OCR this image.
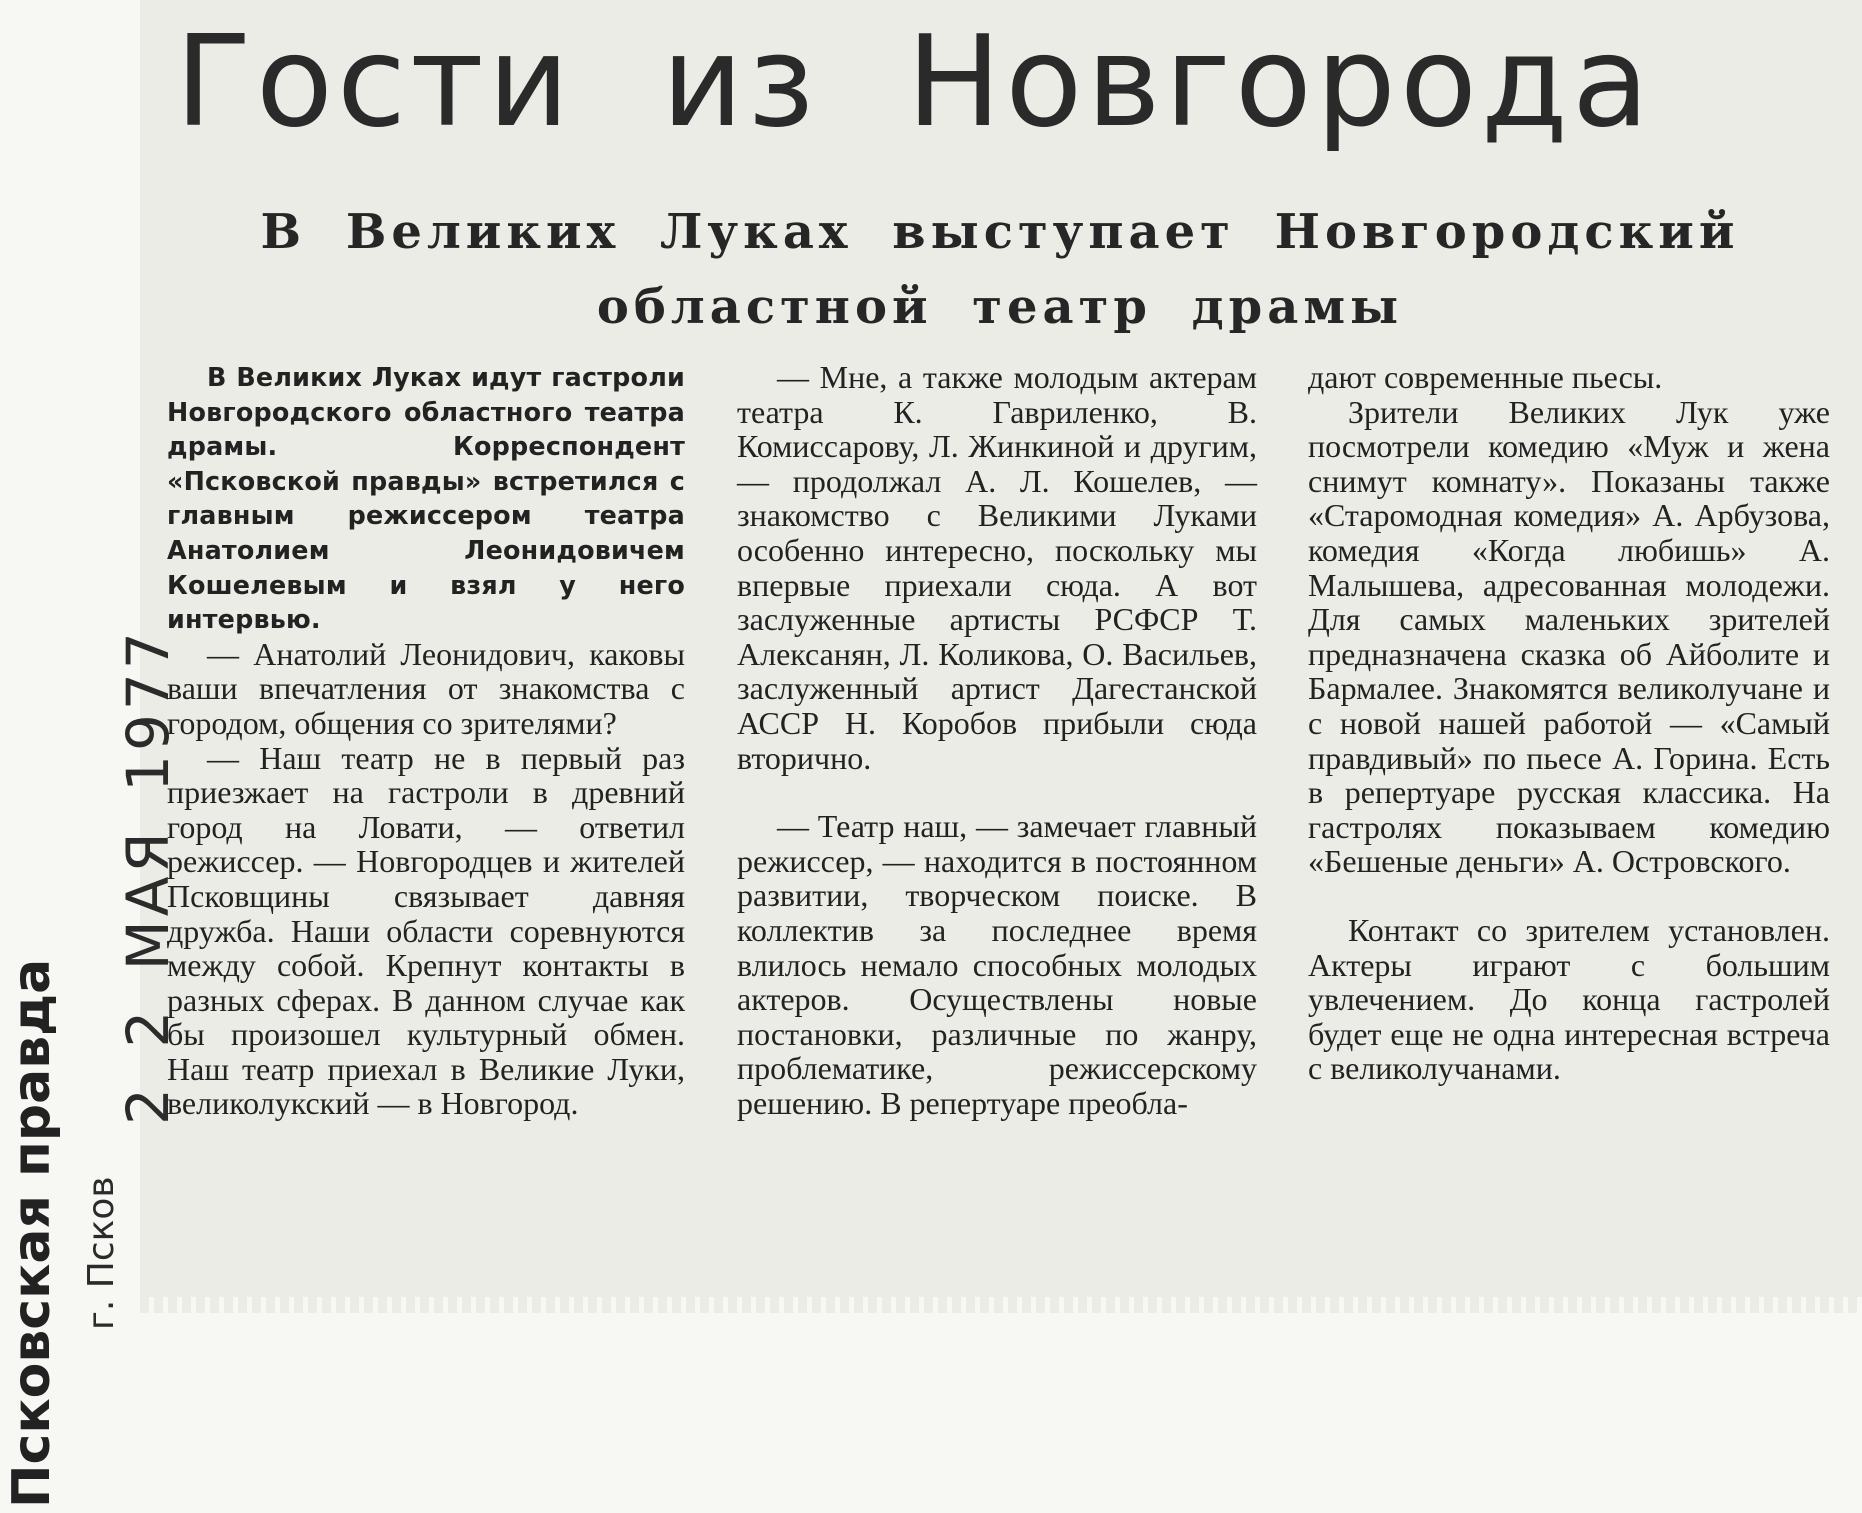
Гости из Новгорода
В Великих Луках выступает Новгородский
областной театр драмы

В Великих Луках идут гастроли Новгородского областного театра драмы. Корреспондент «Псковской правды» встретился с главным режиссером театра Анатолием Леонидовичем Кошелевым и взял у него интервью.

— Анатолий Леонидович, каковы ваши впечатления от знакомства с городом, общения со зрителями?

— Наш театр не в первый раз приезжает на гастроли в древний город на Ловати, — ответил режиссер. — Новгородцев и жителей Псковщины связывает давняя дружба. Наши области соревнуются между собой. Крепнут контакты в разных сферах. В данном случае как бы произошел культурный обмен. Наш театр приехал в Великие Луки, великолукский — в Новгород.

— Мне, а также молодым актерам театра К. Гавриленко, В. Комиссарову, Л. Жинкиной и другим, — продолжал А. Л. Кошелев, — знакомство с Великими Луками особенно интересно, поскольку мы впервые приехали сюда. А вот заслуженные артисты РСФСР Т. Алексанян, Л. Коликова, О. Васильев, заслуженный артист Дагестанской АССР Н. Коробов прибыли сюда вторично.

— Театр наш, — замечает главный режиссер, — находится в постоянном развитии, творческом поиске. В коллектив за последнее время влилось немало способных молодых актеров. Осуществлены новые постановки, различные по жанру, проблематике, режиссерскому решению. В репертуаре преобла-

дают современные пьесы.

Зрители Великих Лук уже посмотрели комедию «Муж и жена снимут комнату». Показаны также «Старомодная комедия» А. Арбузова, комедия «Когда любишь» А. Малышева, адресованная молодежи. Для самых маленьких зрителей предназначена сказка об Айболите и Бармалее. Знакомятся великолучане и с новой нашей работой — «Самый правдивый» по пьесе А. Горина. Есть в репертуаре русская классика. На гастролях показываем комедию «Бешеные деньги» А. Островского.

Контакт со зрителем установлен. Актеры играют с большим увлечением. До конца гастролей будет еще не одна интересная встреча с великолучанами.

2 2 МАЯ 1977
Псковская правда г. Псков
